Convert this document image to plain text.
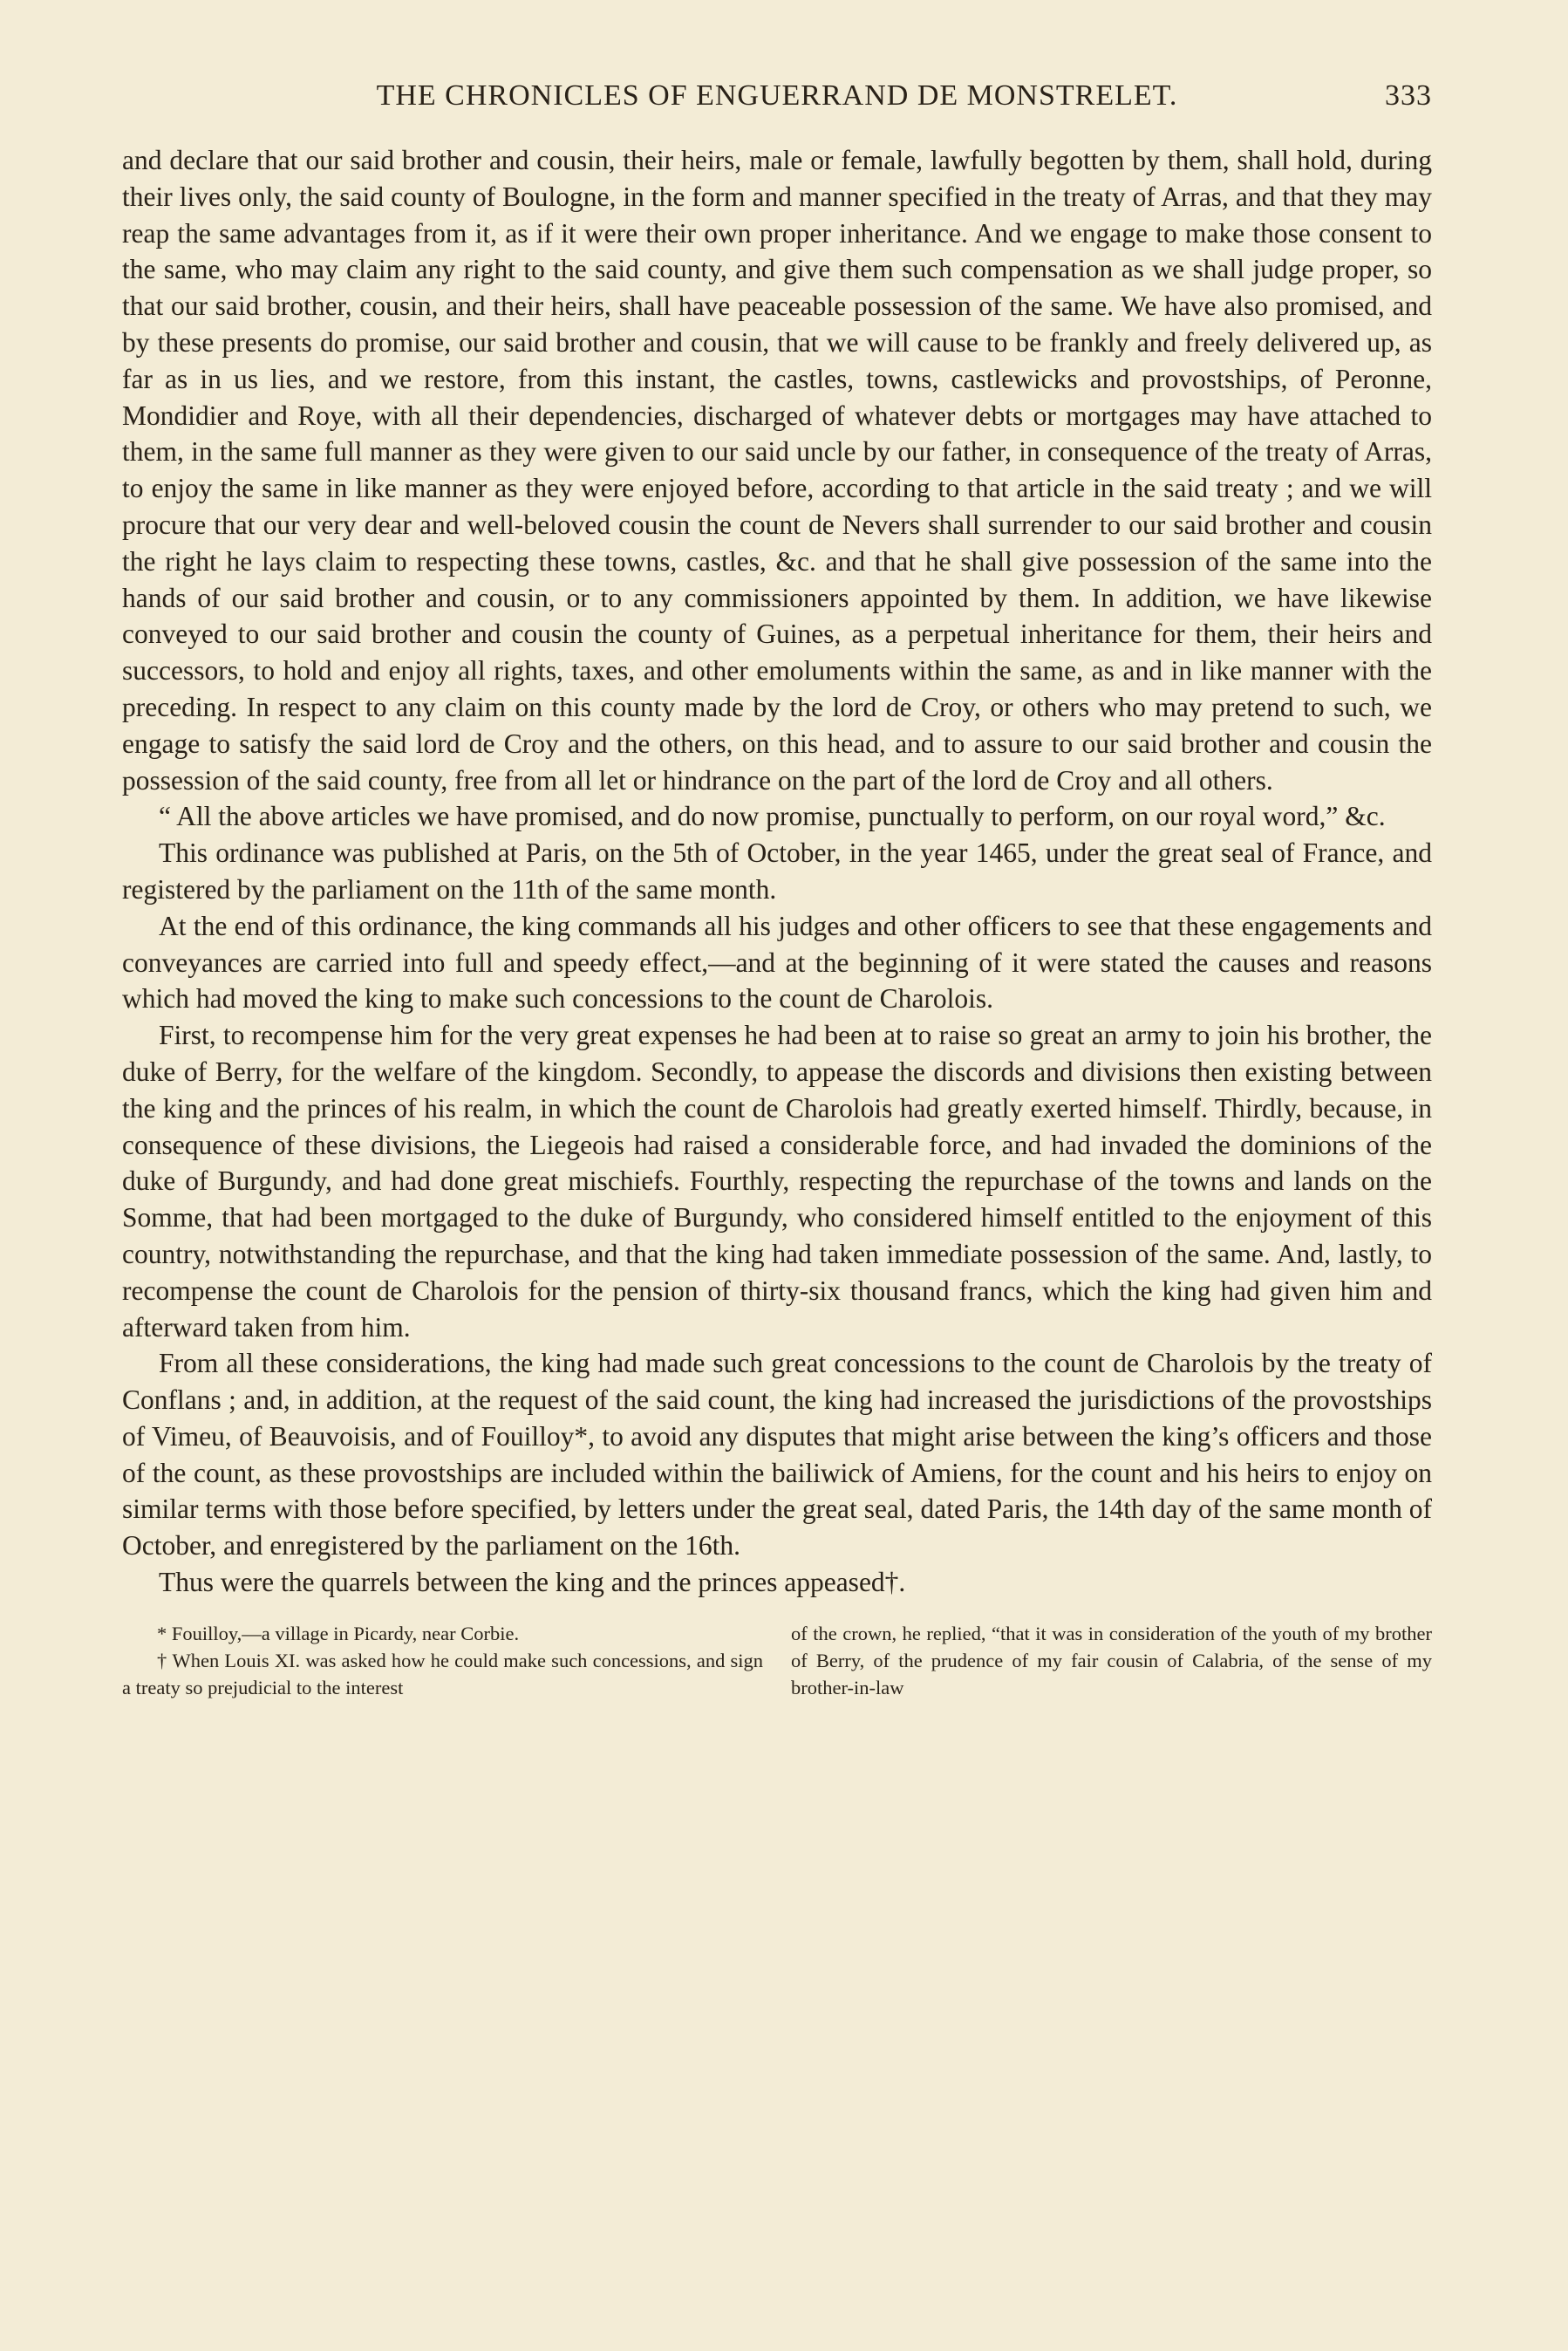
THE CHRONICLES OF ENGUERRAND DE MONSTRELET.	333

and declare that our said brother and cousin, their heirs, male or female, lawfully begotten by them, shall hold, during their lives only, the said county of Boulogne, in the form and manner specified in the treaty of Arras, and that they may reap the same advantages from it, as if it were their own proper inheritance. And we engage to make those consent to the same, who may claim any right to the said county, and give them such compensation as we shall judge proper, so that our said brother, cousin, and their heirs, shall have peaceable possession of the same. We have also promised, and by these presents do promise, our said brother and cousin, that we will cause to be frankly and freely delivered up, as far as in us lies, and we restore, from this instant, the castles, towns, castlewicks and provostships, of Peronne, Mondidier and Roye, with all their dependencies, discharged of whatever debts or mortgages may have attached to them, in the same full manner as they were given to our said uncle by our father, in consequence of the treaty of Arras, to enjoy the same in like manner as they were enjoyed before, according to that article in the said treaty ; and we will procure that our very dear and well-beloved cousin the count de Nevers shall surrender to our said brother and cousin the right he lays claim to respecting these towns, castles, &c. and that he shall give possession of the same into the hands of our said brother and cousin, or to any commissioners appointed by them. In addition, we have likewise conveyed to our said brother and cousin the county of Guines, as a perpetual inheritance for them, their heirs and successors, to hold and enjoy all rights, taxes, and other emoluments within the same, as and in like manner with the preceding. In respect to any claim on this county made by the lord de Croy, or others who may pretend to such, we engage to satisfy the said lord de Croy and the others, on this head, and to assure to our said brother and cousin the possession of the said county, free from all let or hindrance on the part of the lord de Croy and all others.

“ All the above articles we have promised, and do now promise, punctually to perform, on our royal word,” &c.

This ordinance was published at Paris, on the 5th of October, in the year 1465, under the great seal of France, and registered by the parliament on the 11th of the same month.

At the end of this ordinance, the king commands all his judges and other officers to see that these engagements and conveyances are carried into full and speedy effect,—and at the beginning of it were stated the causes and reasons which had moved the king to make such concessions to the count de Charolois.

First, to recompense him for the very great expenses he had been at to raise so great an army to join his brother, the duke of Berry, for the welfare of the kingdom. Secondly, to appease the discords and divisions then existing between the king and the princes of his realm, in which the count de Charolois had greatly exerted himself. Thirdly, because, in consequence of these divisions, the Liegeois had raised a considerable force, and had invaded the dominions of the duke of Burgundy, and had done great mischiefs. Fourthly, respecting the repurchase of the towns and lands on the Somme, that had been mortgaged to the duke of Burgundy, who considered himself entitled to the enjoyment of this country, notwithstanding the repurchase, and that the king had taken immediate possession of the same. And, lastly, to recompense the count de Charolois for the pension of thirty-six thousand francs, which the king had given him and afterward taken from him.

From all these considerations, the king had made such great concessions to the count de Charolois by the treaty of Conflans ; and, in addition, at the request of the said count, the king had increased the jurisdictions of the provostships of Vimeu, of Beauvoisis, and of Fouilloy*, to avoid any disputes that might arise between the king’s officers and those of the count, as these provostships are included within the bailiwick of Amiens, for the count and his heirs to enjoy on similar terms with those before specified, by letters under the great seal, dated Paris, the 14th day of the same month of October, and enregistered by the parliament on the 16th.

Thus were the quarrels between the king and the princes appeased†.

* Fouilloy,—a village in Picardy, near Corbie.

† When Louis XI. was asked how he could make such concessions, and sign a treaty so prejudicial to the interest

of the crown, he replied, “that it was in consideration of the youth of my brother of Berry, of the prudence of my fair cousin of Calabria, of the sense of my brother-in-law
